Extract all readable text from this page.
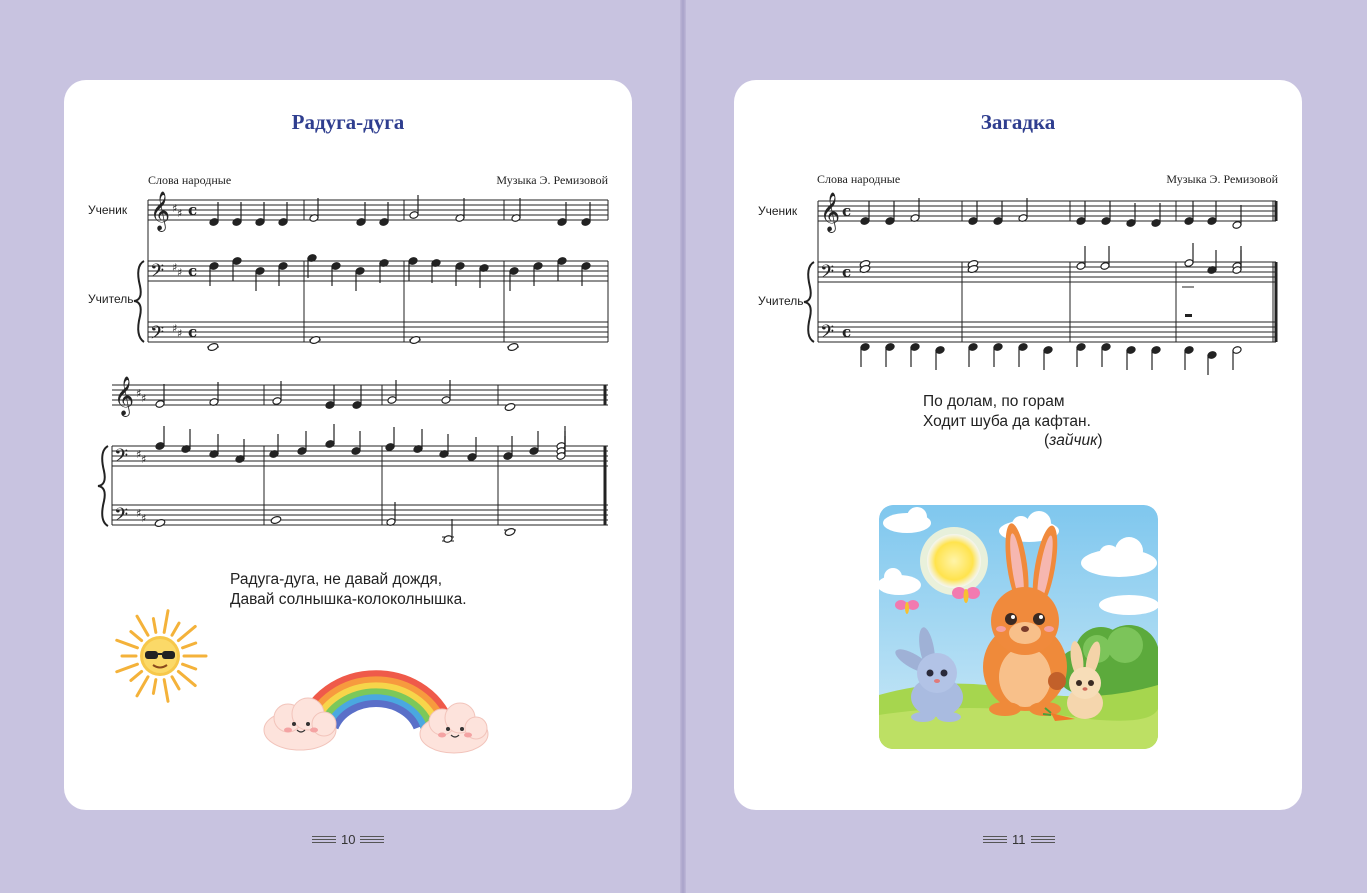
Радуга-дуга
Слова народные	Музыка Э. Ремизовой
Ученик
Учитель
𝄞
𝄢
𝄢
𝄞
𝄢
𝄢
♯ ♯
♯ ♯
♯ ♯
♯ ♯
♯ ♯
♯ ♯
c
c
c
Радуга-дуга, не давай дождя,
Давай солнышка-колоколнышка.
Загадка
Слова народные	Музыка Э. Ремизовой
Ученик
Учитель
𝄞
𝄢
𝄢
c
c
c
По долам, по горам
Ходит шуба да кафтан.
(зайчик)
10	11
